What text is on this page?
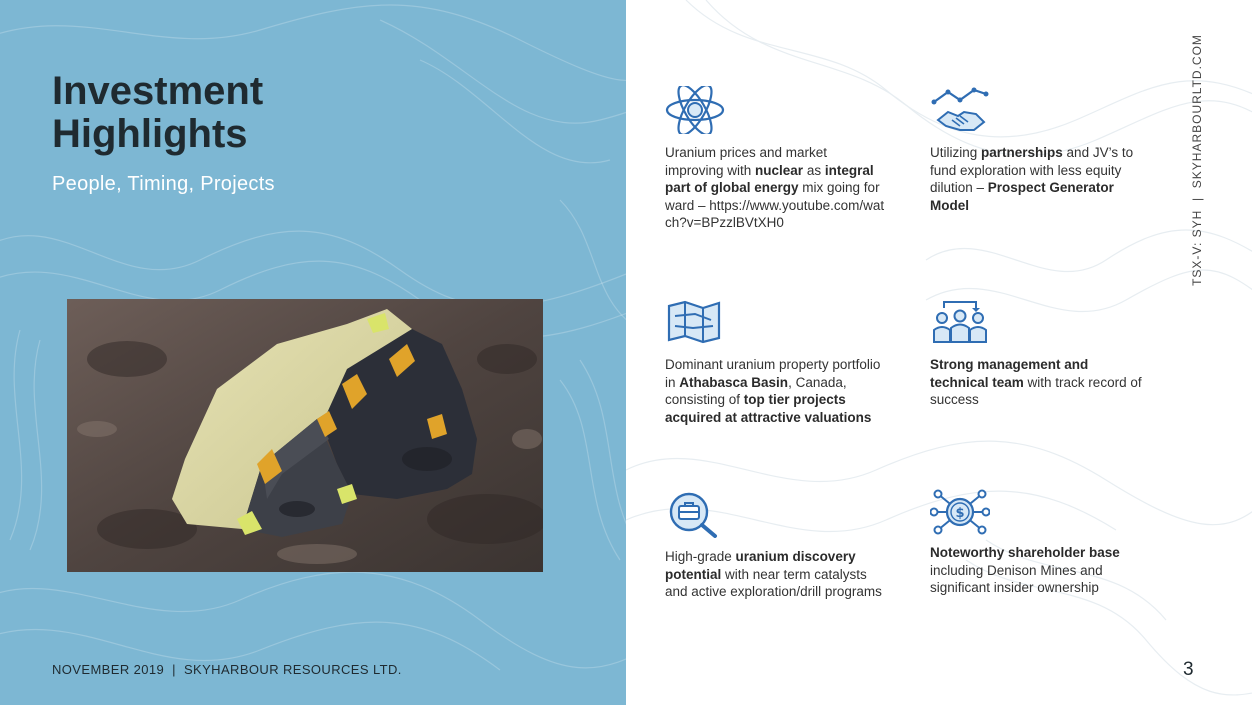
Investment
Highlights
People, Timing, Projects
NOVEMBER 2019  |  SKYHARBOUR RESOURCES LTD.
TSX-V: SYH  |  SKYHARBOURLTD.COM

Uranium prices and market improving with nuclear as integral part of global energy mix going forward – https://www.youtube.com/watch?v=BPzzlBVtXH0

Utilizing partnerships and JV’s to fund exploration with less equity dilution – Prospect Generator Model

Dominant uranium property portfolio in Athabasca Basin, Canada, consisting of top tier projects acquired at attractive valuations

Strong management and technical team with track record of success

High-grade uranium discovery potential with near term catalysts and active exploration/drill programs

$

Noteworthy shareholder base including Denison Mines and significant insider ownership

3
